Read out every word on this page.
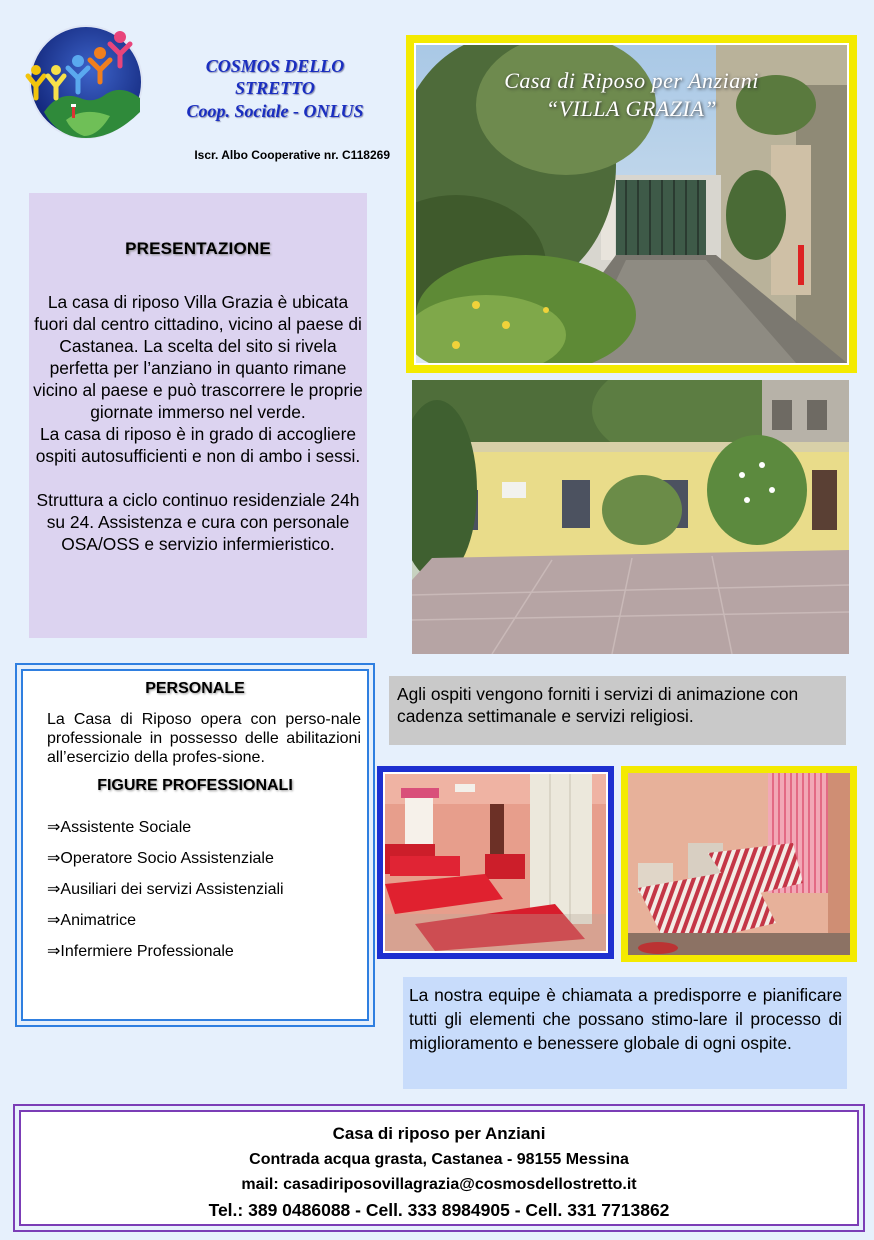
COSMOS DELLO
STRETTO
Coop. Sociale - ONLUS
Iscr. Albo Cooperative nr. C118269
PRESENTAZIONE

La casa di riposo Villa Grazia è ubicata fuori dal centro cittadino, vicino al paese di Castanea. La scelta del sito si rivela perfetta per l’anziano in quanto rimane vicino al paese e può trascorrere le proprie giornate immerso nel verde.
La casa di riposo è in grado di accogliere ospiti autosufficienti e non di ambo i sessi.

Struttura a ciclo continuo residenziale 24h su 24. Assistenza e cura con personale OSA/OSS e servizio infermieristico.

Casa di Riposo per Anziani
“VILLA GRAZIA”
PERSONALE
La Casa di Riposo opera con perso-nale professionale in possesso delle abilitazioni all’esercizio della profes-sione.
FIGURE PROFESSIONALI
⇒Assistente Sociale
⇒Operatore Socio Assistenziale
⇒Ausiliari dei servizi Assistenziali
⇒Animatrice
⇒Infermiere Professionale
Agli ospiti vengono forniti i servizi di animazione con cadenza settimanale e servizi religiosi.
La nostra equipe è chiamata a predisporre e pianificare tutti gli elementi che possano stimo-lare il processo di miglioramento e benessere globale di ogni ospite.
Casa di riposo per Anziani
Contrada acqua grasta, Castanea - 98155 Messina
mail: casadiriposovillagrazia@cosmosdellostretto.it
Tel.: 389 0486088 - Cell. 333 8984905 - Cell. 331 7713862
